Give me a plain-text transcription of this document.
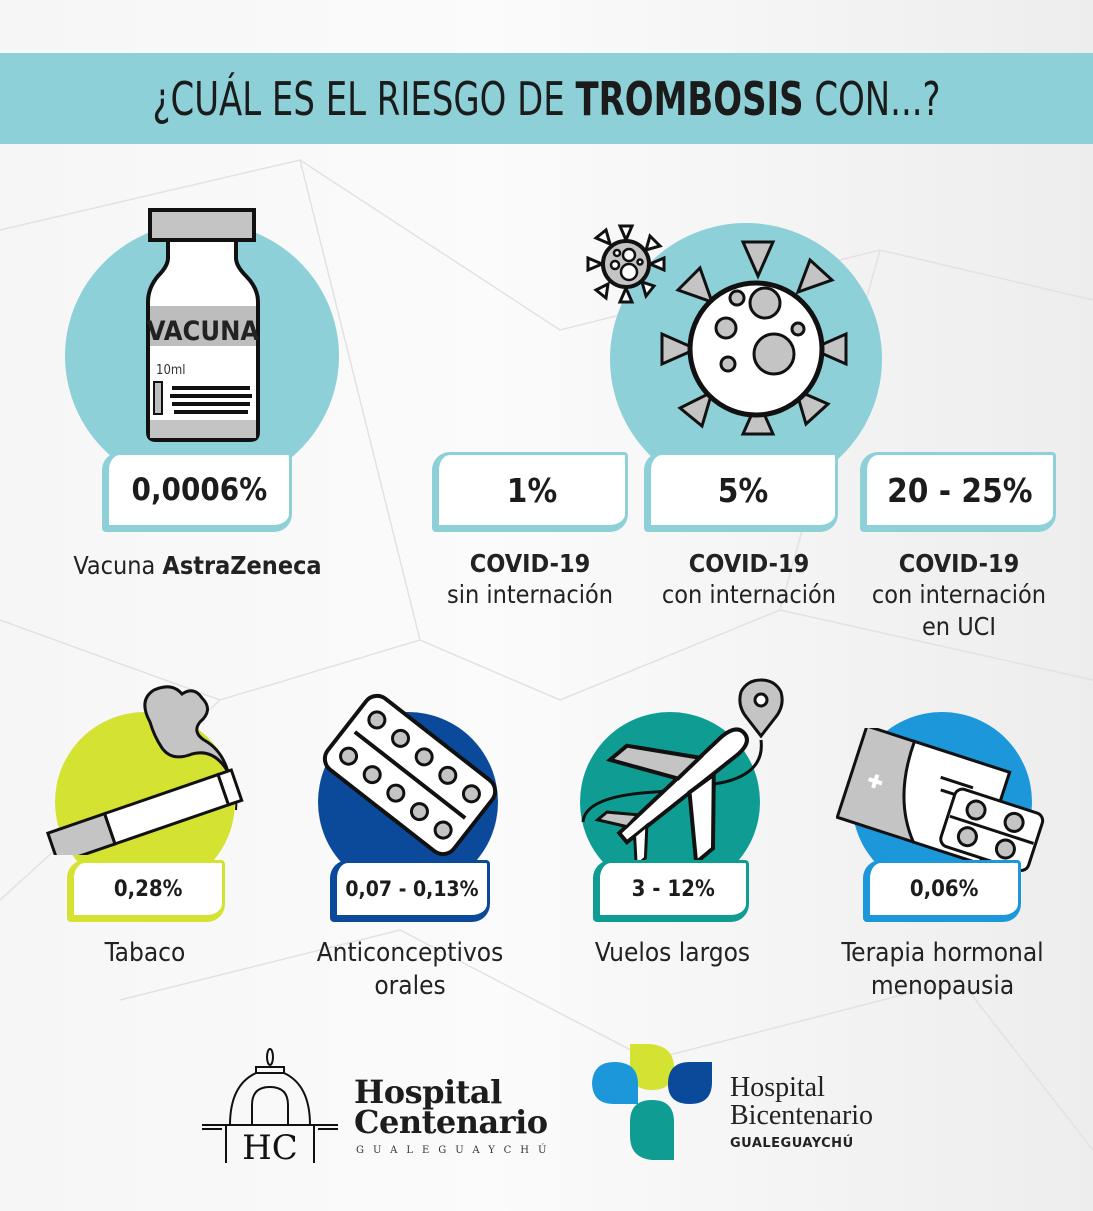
¿CUÁL ES EL RIESGO DE TROMBOSIS CON...?
VACUNA
10ml
0,0006%
Vacuna AstraZeneca
1%
COVID-19
sin internación
5%
COVID-19
con internación
20 - 25%
COVID-19
con internación
en UCI
0,28%
Tabaco
0,07 - 0,13%
Anticonceptivos
orales
3 - 12%
Vuelos largos
0,06%
Terapia hormonal
menopausia
HC
Hospital
Centenario
GUALEGUAYCHÚ
Hospital
Bicentenario
GUALEGUAYCHÚ
